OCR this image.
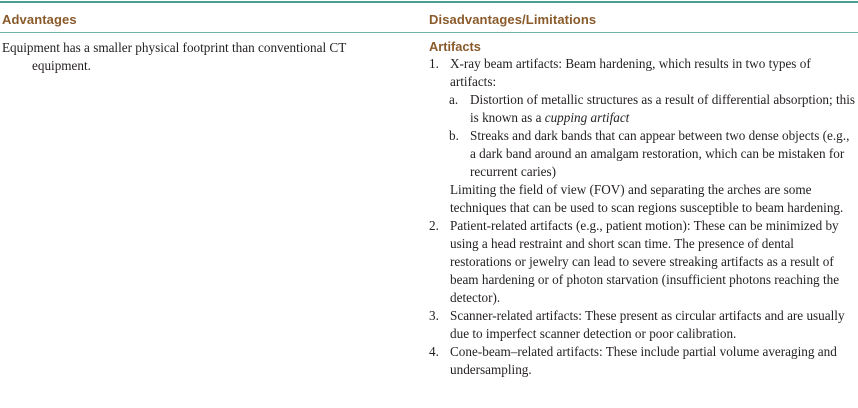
Advantages	Disadvantages/Limitations
Equipment has a smaller physical footprint than conventional CT
equipment.
Artifacts
1. X-ray beam artifacts: Beam hardening, which results in two types of artifacts:
a. Distortion of metallic structures as a result of differential absorption; this is known as a cupping artifact
b. Streaks and dark bands that can appear between two dense objects (e.g., a dark band around an amalgam restoration, which can be mistaken for recurrent caries)
Limiting the field of view (FOV) and separating the arches are some techniques that can be used to scan regions susceptible to beam hardening.
2. Patient-related artifacts (e.g., patient motion): These can be minimized by using a head restraint and short scan time. The presence of dental restorations or jewelry can lead to severe streaking artifacts as a result of beam hardening or of photon starvation (insufficient photons reaching the detector).
3. Scanner-related artifacts: These present as circular artifacts and are usually due to imperfect scanner detection or poor calibration.
4. Cone-beam–related artifacts: These include partial volume averaging and undersampling.
